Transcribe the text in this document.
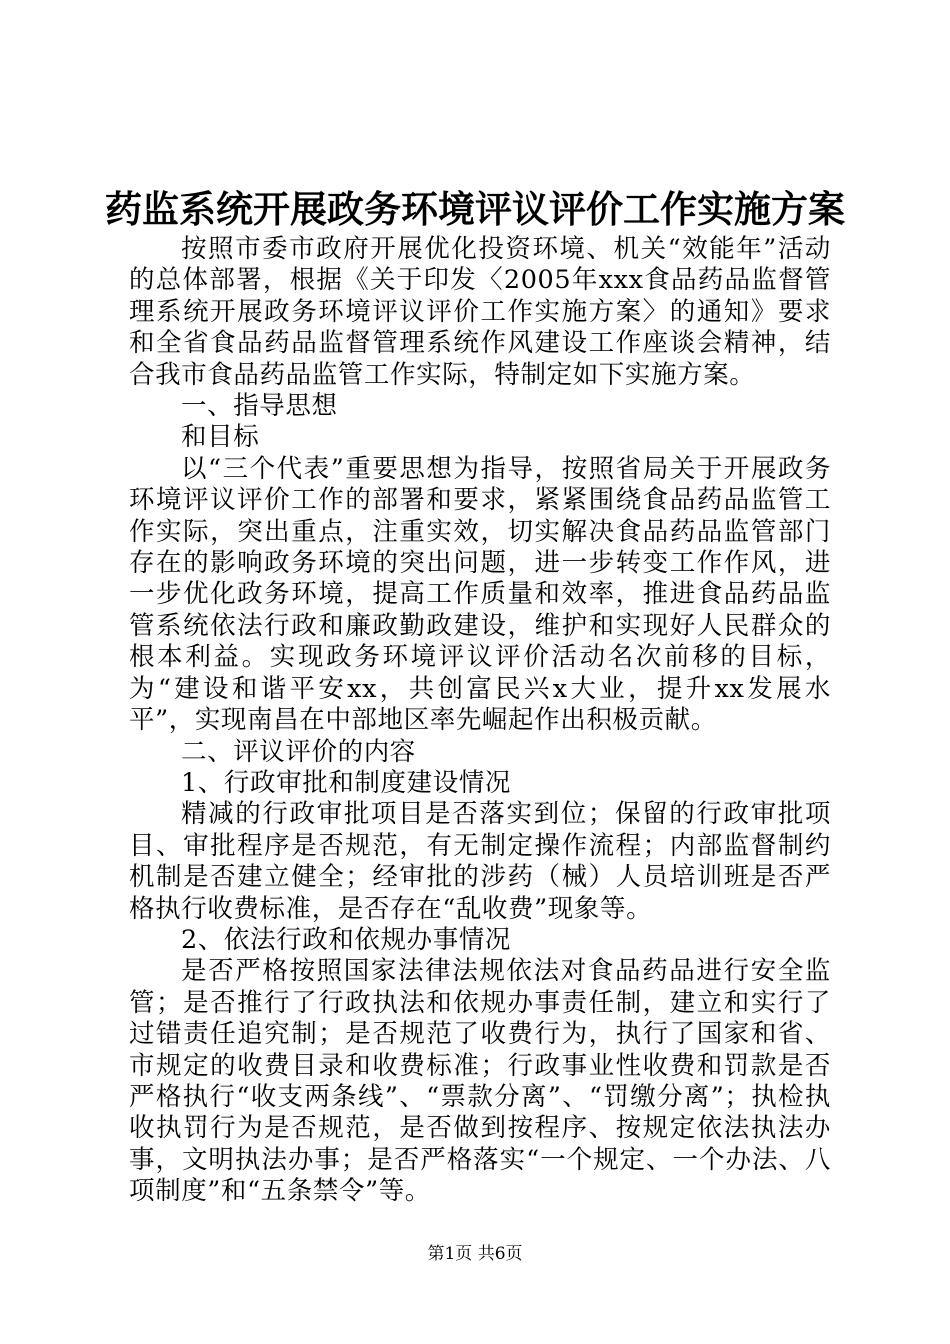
药监系统开展政务环境评议评价工作实施方案

按照市委市政府开展优化投资环境、机关“效能年”活动的总体部署，根据《关于印发〈2005年xxx食品药品监督管理系统开展政务环境评议评价工作实施方案〉的通知》要求和全省食品药品监督管理系统作风建设工作座谈会精神，结合我市食品药品监管工作实际，特制定如下实施方案。

一、指导思想

和目标

以“三个代表”重要思想为指导，按照省局关于开展政务环境评议评价工作的部署和要求，紧紧围绕食品药品监管工作实际，突出重点，注重实效，切实解决食品药品监管部门存在的影响政务环境的突出问题，进一步转变工作作风，进一步优化政务环境，提高工作质量和效率，推进食品药品监管系统依法行政和廉政勤政建设，维护和实现好人民群众的根本利益。实现政务环境评议评价活动名次前移的目标，为“建设和谐平安xx，共创富民兴x大业，提升xx发展水平”，实现南昌在中部地区率先崛起作出积极贡献。

二、评议评价的内容

1、行政审批和制度建设情况

精减的行政审批项目是否落实到位；保留的行政审批项目、审批程序是否规范，有无制定操作流程；内部监督制约机制是否建立健全；经审批的涉药（械）人员培训班是否严格执行收费标准，是否存在“乱收费”现象等。

2、依法行政和依规办事情况

是否严格按照国家法律法规依法对食品药品进行安全监管；是否推行了行政执法和依规办事责任制，建立和实行了过错责任追究制；是否规范了收费行为，执行了国家和省、市规定的收费目录和收费标准；行政事业性收费和罚款是否严格执行“收支两条线”、“票款分离”、“罚缴分离”；执检执收执罚行为是否规范，是否做到按程序、按规定依法执法办事，文明执法办事；是否严格落实“一个规定、一个办法、八项制度”和“五条禁令”等。

第1页 共6页
